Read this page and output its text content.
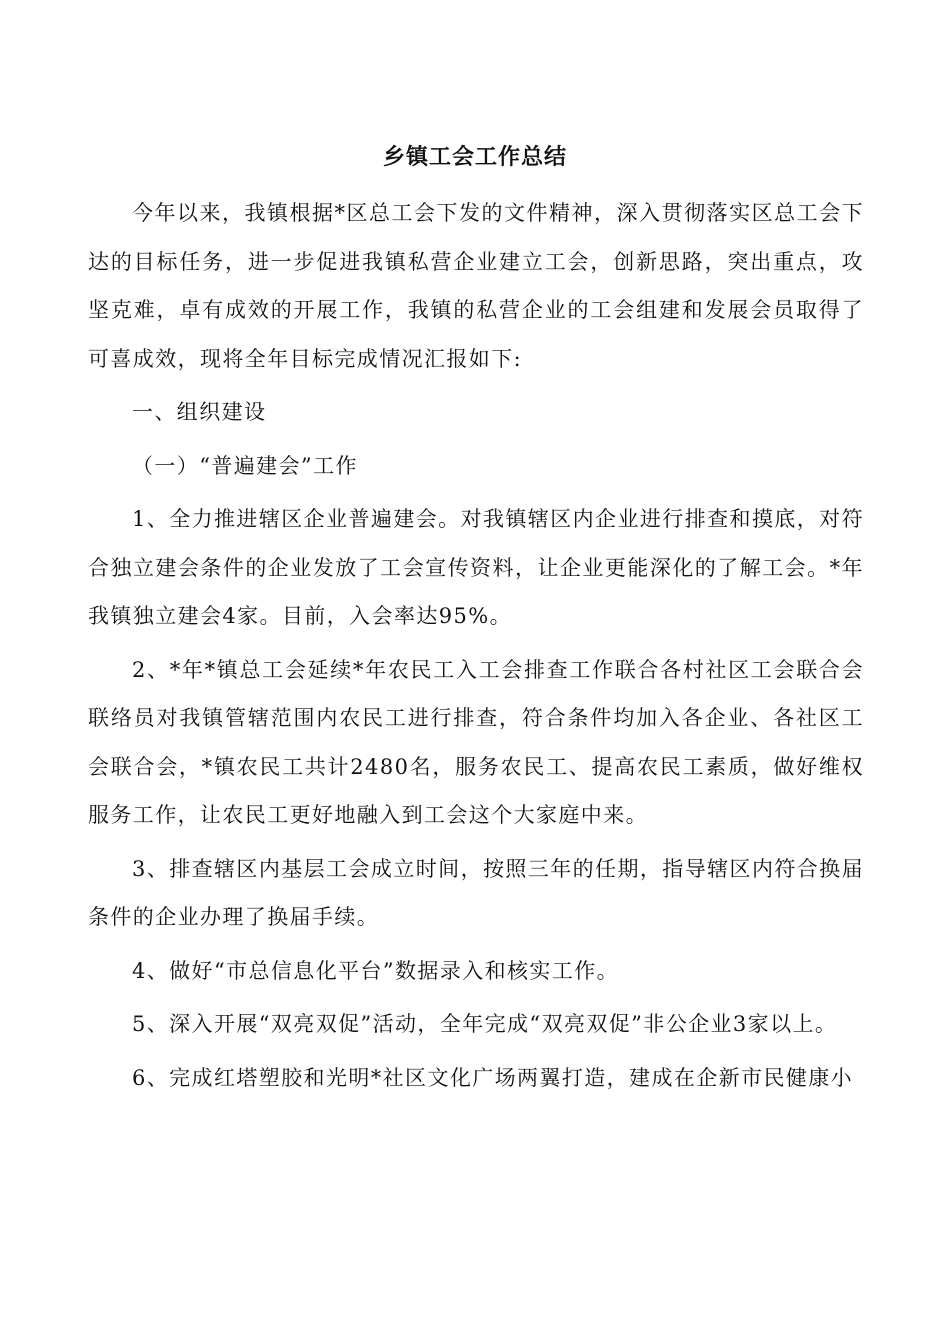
乡镇工会工作总结

今年以来，我镇根据*区总工会下发的文件精神，深入贯彻落实区总工会下达的目标任务，进一步促进我镇私营企业建立工会，创新思路，突出重点，攻坚克难，卓有成效的开展工作，我镇的私营企业的工会组建和发展会员取得了可喜成效，现将全年目标完成情况汇报如下:

一、组织建设

（一）“普遍建会”工作

1、全力推进辖区企业普遍建会。对我镇辖区内企业进行排查和摸底，对符合独立建会条件的企业发放了工会宣传资料，让企业更能深化的了解工会。*年我镇独立建会4家。目前，入会率达95%。

2、*年*镇总工会延续*年农民工入工会排查工作联合各村社区工会联合会联络员对我镇管辖范围内农民工进行排查，符合条件均加入各企业、各社区工会联合会，*镇农民工共计2480名，服务农民工、提高农民工素质，做好维权服务工作，让农民工更好地融入到工会这个大家庭中来。

3、排查辖区内基层工会成立时间，按照三年的任期，指导辖区内符合换届条件的企业办理了换届手续。

4、做好“市总信息化平台”数据录入和核实工作。

5、深入开展“双亮双促”活动，全年完成“双亮双促”非公企业3家以上。

6、完成红塔塑胶和光明*社区文化广场两翼打造，建成在企新市民健康小
